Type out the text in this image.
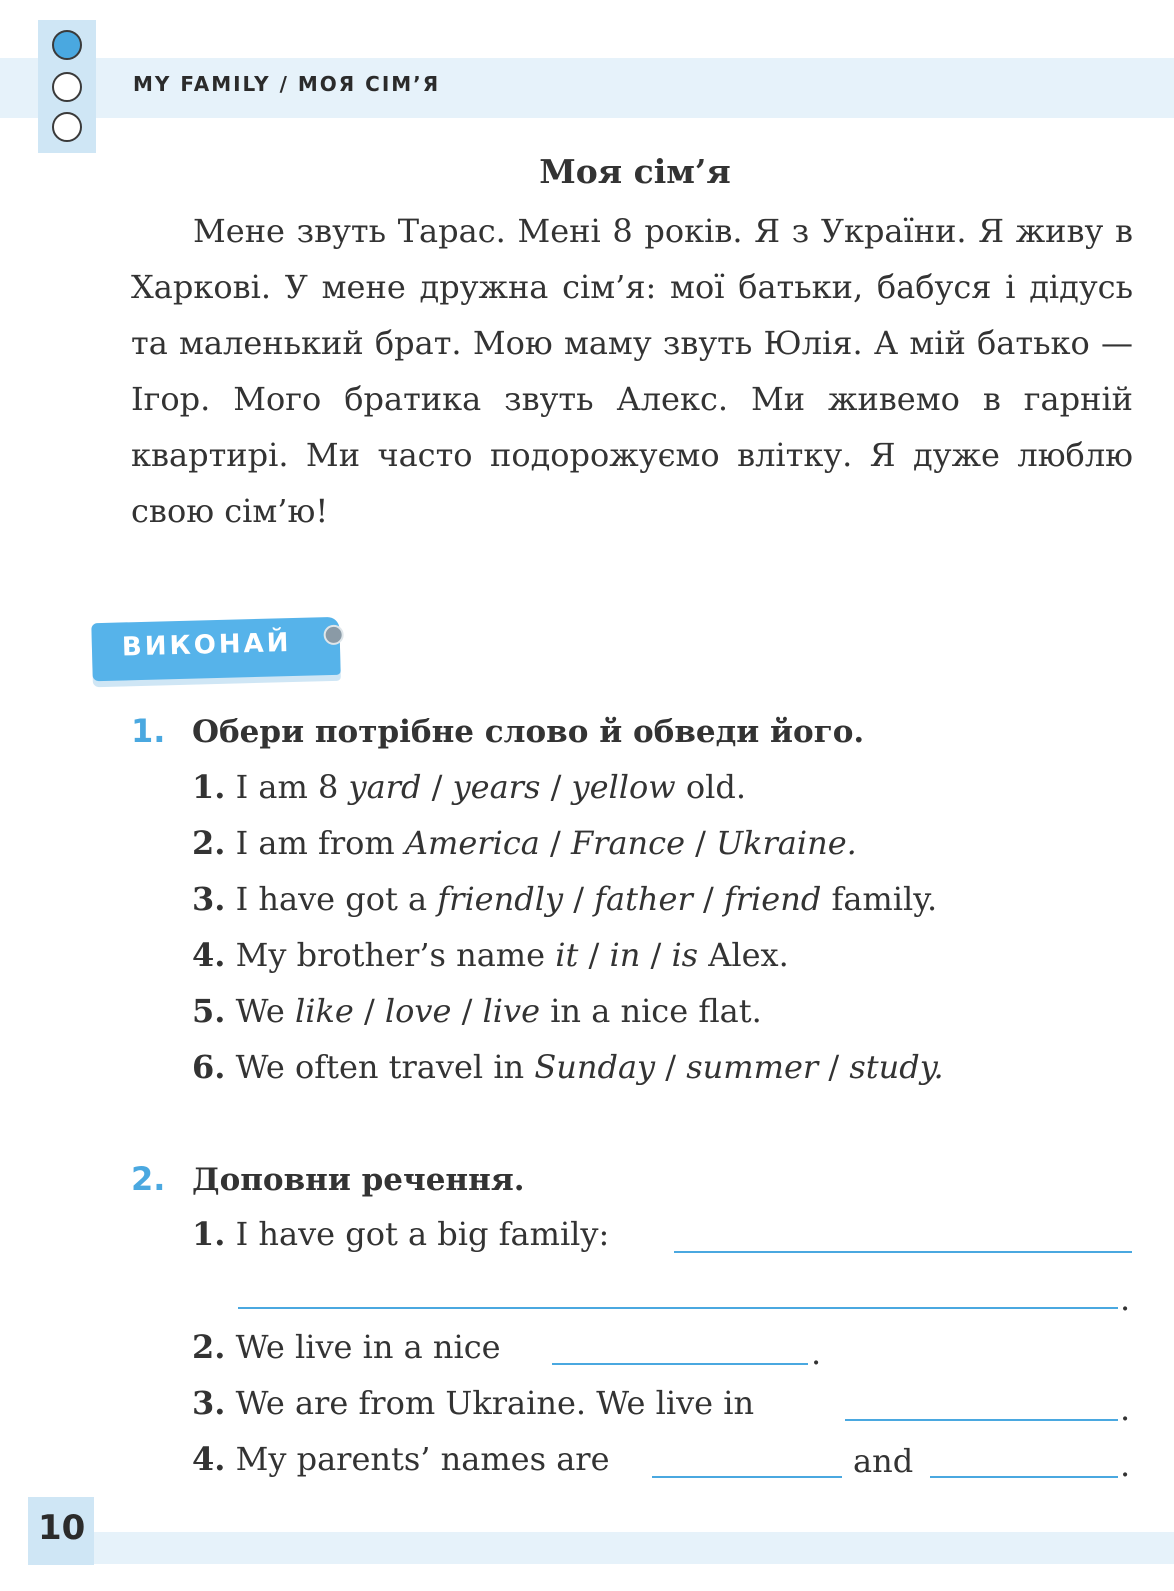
MY FAMILY / МОЯ СІМ’Я
Моя сім’я

Мене звуть Тарас. Мені 8 років. Я з України. Я живу в Харкові. У мене дружна сім’я: мої батьки, бабуся і дідусь та маленький брат. Мою маму звуть Юлія. А мій батько — Ігор. Мого братика звуть Алекс. Ми живемо в гарній квартирі. Ми часто подорожуємо влітку. Я дуже люблю свою сім’ю!

ВИКОНАЙ
1. Обери потрібне слово й обведи його.
1. I am 8 yard / years / yellow old.
2. I am from America / France / Ukraine.
3. I have got a friendly / father / friend family.
4. My brother’s name it / in / is Alex.
5. We like / love / live in a nice flat.
6. We often travel in Sunday / summer / study.
2. Доповни речення.
1. I have got a big family:
.
2. We live in a nice	.
3. We are from Ukraine. We live in	.
4. My parents’ names are	and	.
10
